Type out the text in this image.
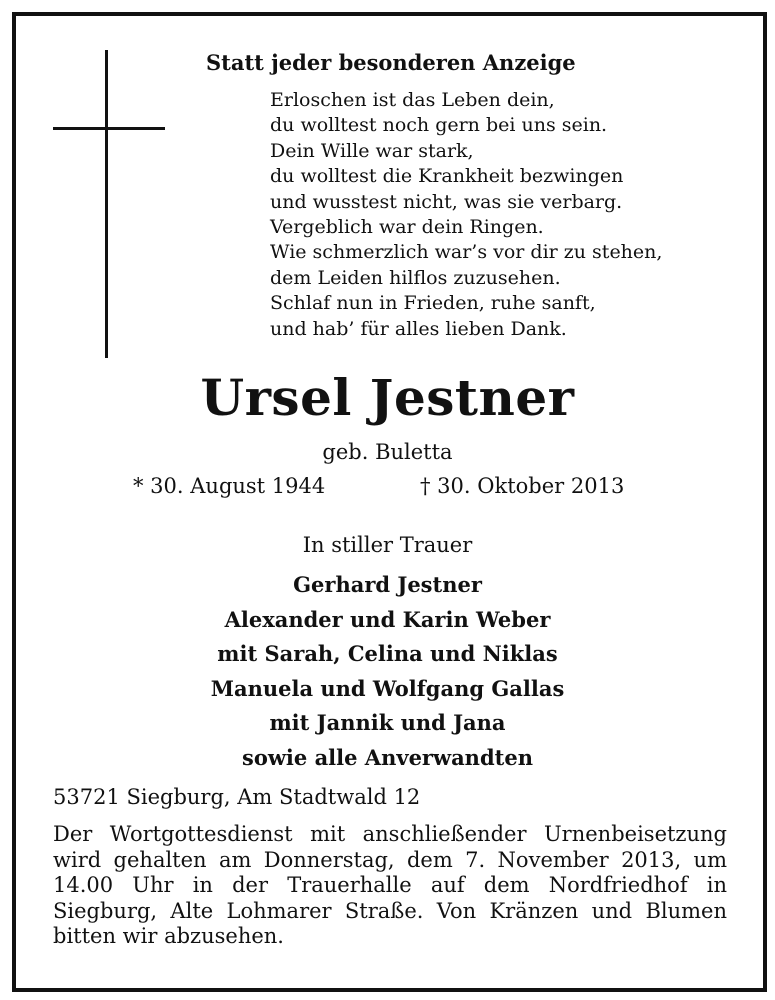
Statt jeder besonderen Anzeige
Erloschen ist das Leben dein,
du wolltest noch gern bei uns sein.
Dein Wille war stark,
du wolltest die Krankheit bezwingen
und wusstest nicht, was sie verbarg.
Vergeblich war dein Ringen.
Wie schmerzlich war’s vor dir zu stehen,
dem Leiden hilflos zuzusehen.
Schlaf nun in Frieden, ruhe sanft,
und hab’ für alles lieben Dank.
Ursel Jestner
geb. Buletta
* 30. August 1944	† 30. Oktober 2013
In stiller Trauer
Gerhard Jestner
Alexander und Karin Weber
mit Sarah, Celina und Niklas
Manuela und Wolfgang Gallas
mit Jannik und Jana
sowie alle Anverwandten
53721 Siegburg, Am Stadtwald 12
Der Wortgottesdienst mit anschließender Urnenbeisetzung wird gehalten am Donnerstag, dem 7. November 2013, um 14.00 Uhr in der Trauerhalle auf dem Nordfriedhof in Siegburg, Alte Lohmarer Straße. Von Kränzen und Blumen bitten wir abzusehen.
